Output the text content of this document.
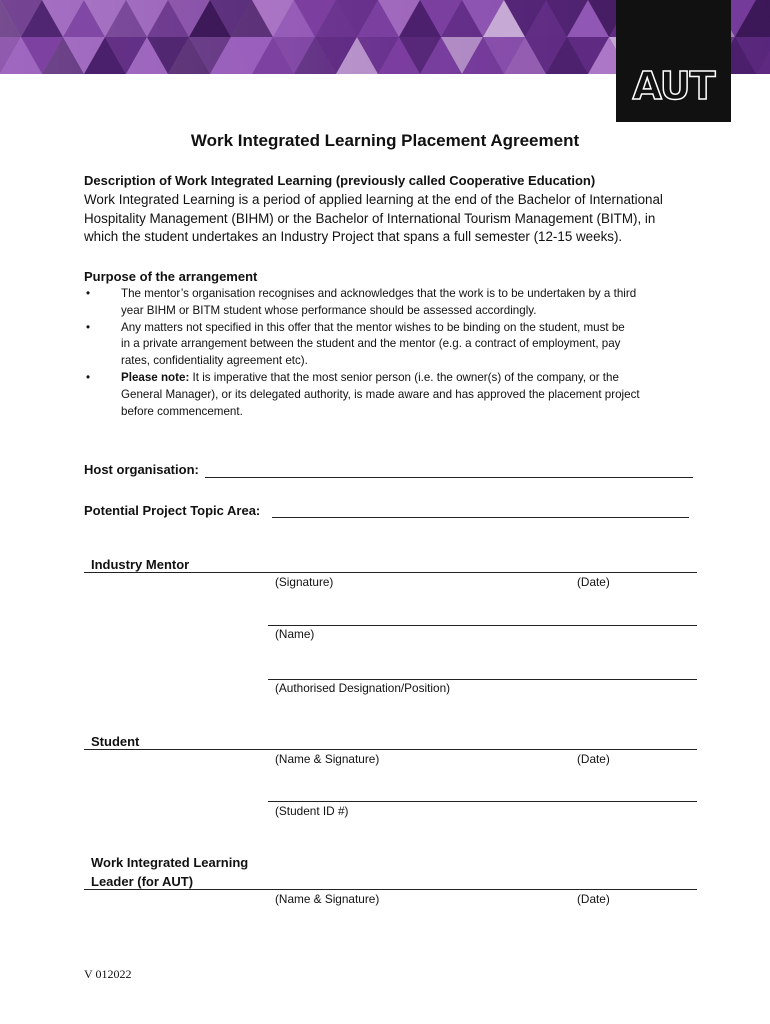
AUT
Work Integrated Learning Placement Agreement
Description of Work Integrated Learning (previously called Cooperative Education)
Work Integrated Learning is a period of applied learning at the end of the Bachelor of International
Hospitality Management (BIHM) or the Bachelor of International Tourism Management (BITM), in
which the student undertakes an Industry Project that spans a full semester (12-15 weeks).
Purpose of the arrangement
•	The mentor’s organisation recognises and acknowledges that the work is to be undertaken by a third
year BIHM or BITM student whose performance should be assessed accordingly.
•	Any matters not specified in this offer that the mentor wishes to be binding on the student, must be
in a private arrangement between the student and the mentor (e.g. a contract of employment, pay
rates, confidentiality agreement etc).
•	Please note: It is imperative that the most senior person (i.e. the owner(s) of the company, or the
General Manager), or its delegated authority, is made aware and has approved the placement project
before commencement.
Host organisation:
Potential Project Topic Area:
Industry Mentor
(Signature)	(Date)
(Name)
(Authorised Designation/Position)
Student
(Name & Signature)	(Date)
(Student ID #)
Work Integrated Learning
Leader (for AUT)
(Name & Signature)	(Date)
V 012022
